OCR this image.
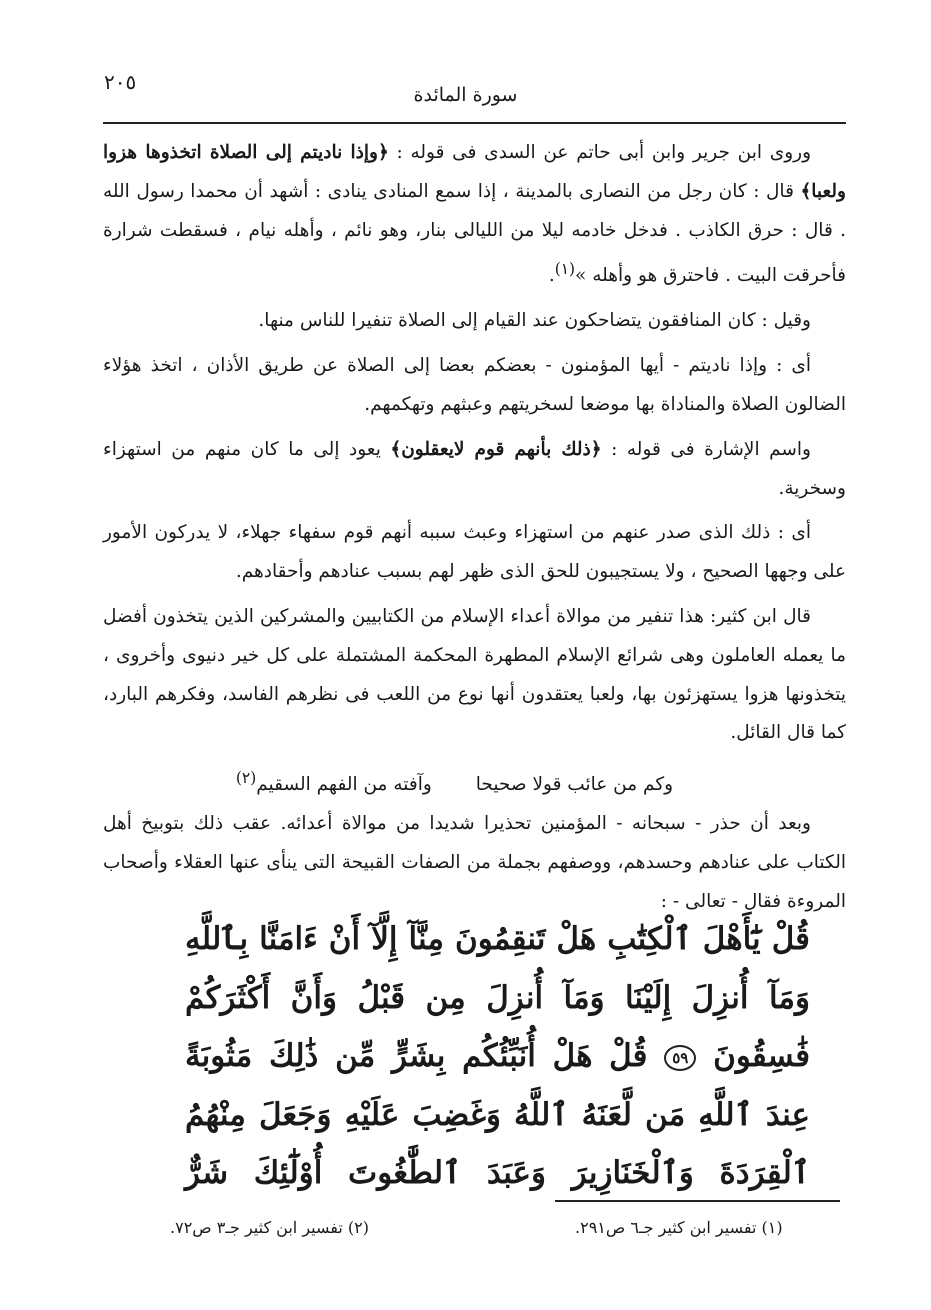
٢٠٥
سورة المائدة

وروى ابن جرير وابن أبى حاتم عن السدى فى قوله : ﴿وإذا ناديتم إلى الصلاة اتخذوها هزوا ولعبا﴾ قال : كان رجل من النصارى بالمدينة ، إذا سمع المنادى ينادى : أشهد أن محمدا رسول الله . قال : حرق الكاذب . فدخل خادمه ليلا من الليالى بنار، وهو نائم ، وأهله نيام ، فسقطت شرارة فأحرقت البيت . فاحترق هو وأهله »$^{(١)}$.

وقيل : كان المنافقون يتضاحكون عند القيام إلى الصلاة تنفيرا للناس منها.

أى : وإذا ناديتم - أيها المؤمنون - بعضكم بعضا إلى الصلاة عن طريق الأذان ، اتخذ هؤلاء الضالون الصلاة والمناداة بها موضعا لسخريتهم وعبثهم وتهكمهم.

واسم الإشارة فى قوله : ﴿ذلك بأنهم قوم لايعقلون﴾ يعود إلى ما كان منهم من استهزاء وسخرية.

أى : ذلك الذى صدر عنهم من استهزاء وعبث سببه أنهم قوم سفهاء جهلاء، لا يدركون الأمور على وجهها الصحيح ، ولا يستجيبون للحق الذى ظهر لهم بسبب عنادهم وأحقادهم.

قال ابن كثير: هذا تنفير من موالاة أعداء الإسلام من الكتابيين والمشركين الذين يتخذون أفضل ما يعمله العاملون وهى شرائع الإسلام المطهرة المحكمة المشتملة على كل خير دنيوى وأخروى ، يتخذونها هزوا يستهزئون بها، ولعبا يعتقدون أنها نوع من اللعب فى نظرهم الفاسد، وفكرهم البارد، كما قال القائل.

وكم من عائب قولا صحيحاوآفته من الفهم السقيم$^{(٢)}$

وبعد أن حذر - سبحانه - المؤمنين تحذيرا شديدا من موالاة أعدائه. عقب ذلك بتوبيخ أهل الكتاب على عنادهم وحسدهم، ووصفهم بجملة من الصفات القبيحة التى ينأى عنها العقلاء وأصحاب المروءة فقال - تعالى - :

قُلْ يَٰٓأَهْلَ ٱلْكِتَٰبِ هَلْ تَنقِمُونَ مِنَّآ إِلَّآ أَنْ ءَامَنَّا بِٱللَّهِ وَمَآ أُنزِلَ إِلَيْنَا وَمَآ أُنزِلَ مِن قَبْلُ وَأَنَّ أَكْثَرَكُمْ فَٰسِقُونَ ٥٩ قُلْ هَلْ أُنَبِّئُكُم بِشَرٍّ مِّن ذَٰلِكَ مَثُوبَةً عِندَ ٱللَّهِ مَن لَّعَنَهُ ٱللَّهُ وَغَضِبَ عَلَيْهِ وَجَعَلَ مِنْهُمُ ٱلْقِرَدَةَ وَٱلْخَنَازِيرَ وَعَبَدَ ٱلطَّٰغُوتَ أُوْلَٰٓئِكَ شَرٌّ
(١) تفسير ابن كثير جـ٦ ص٢٩١.
(٢) تفسير ابن كثير جـ٣ ص٧٢.
